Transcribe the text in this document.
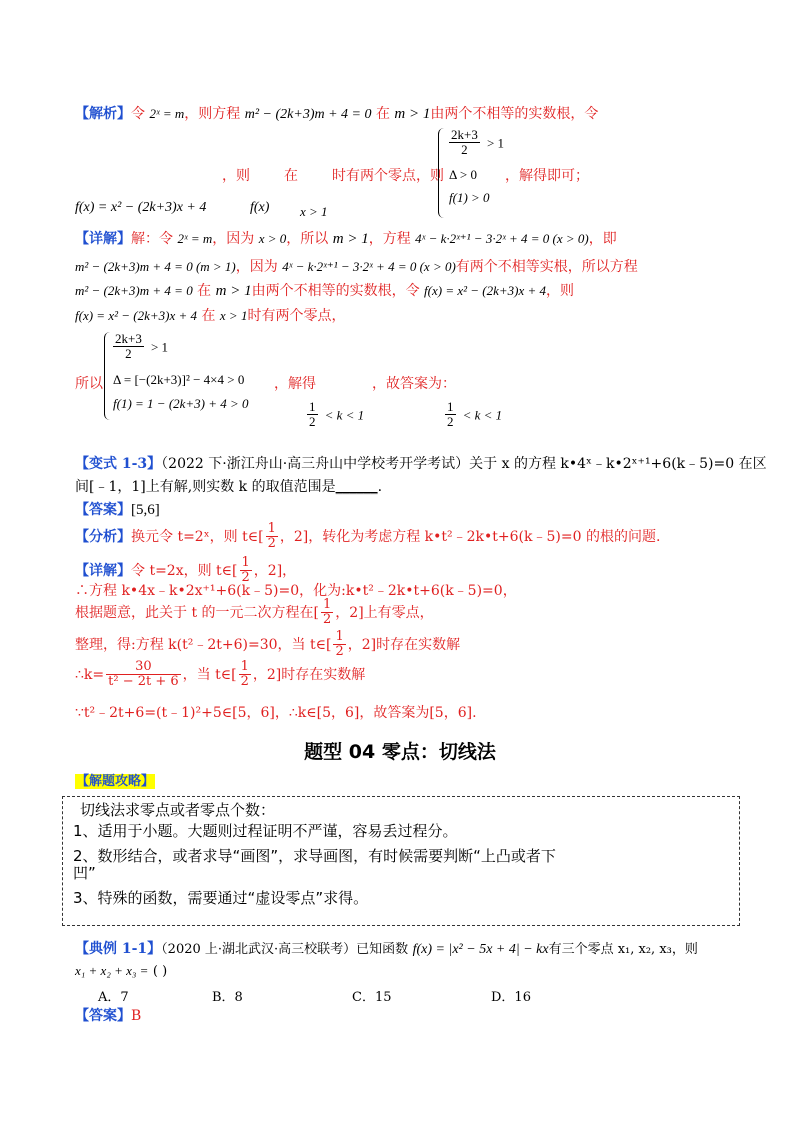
【解析】令 2ˣ = m，则方程 m² − (2k+3)m + 4 = 0 在 m > 1由两个不相等的实数根，令
$\frac{2k+3}{2} > 1$
Δ > 0
f(1) > 0
，则 在 时有两个零点，则	，解得即可；
f(x) = x² − (2k+3)x + 4	f(x) x > 1
【详解】解：令 2ˣ = m，因为 x > 0，所以 m > 1，方程 4ˣ − k·2ˣ⁺¹ − 3·2ˣ + 4 = 0 (x > 0)，即
m² − (2k+3)m + 4 = 0 (m > 1)，因为 4ˣ − k·2ˣ⁺¹ − 3·2ˣ + 4 = 0 (x > 0)有两个不相等实根，所以方程
m² − (2k+3)m + 4 = 0 在 m > 1由两个不相等的实数根，令 f(x) = x² − (2k+3)x + 4，则
f(x) = x² − (2k+3)x + 4 在 x > 1时有两个零点，
$\frac{2k+3}{2} > 1$
Δ = [−(2k+3)]² − 4×4 > 0
f(1) = 1 − (2k+3) + 4 > 0
所以	，解得	，故答案为：
$\frac{1}{2} < k < 1$	$\frac{1}{2} < k < 1$
【变式 1-3】（2022 下·浙江舟山·高三舟山中学校考开学考试）关于 x 的方程 k•4ˣ﹣k•2ˣ⁺¹+6(k﹣5)=0 在区
间[﹣1，1]上有解,则实数 k 的取值范围是______.
【答案】[5,6]
【分析】换元令 t=2ˣ，则 t∈[ $\frac{1}{2}$ ，2]，转化为考虑方程 k•t²﹣2k•t+6(k﹣5)=0 的根的问题.
【详解】令 t=2x，则 t∈[ $\frac{1}{2}$ ，2]，
∴方程 k•4x﹣k•2x⁺¹+6(k﹣5)=0，化为:k•t²﹣2k•t+6(k﹣5)=0，
根据题意，此关于 t 的一元二次方程在[ $\frac{1}{2}$ ，2]上有零点，
整理，得:方程 k(t²﹣2t+6)=30，当 t∈[ $\frac{1}{2}$ ，2]时存在实数解
∴k= $\frac{30}{\text{t² − 2t + 6}}$ ，当 t∈[ $\frac{1}{2}$ ，2]时存在实数解
∵t²﹣2t+6=(t﹣1)²+5∈[5，6]，∴k∈[5，6]，故答案为[5，6].
题型 04 零点：切线法
【解题攻略】
切线法求零点或者零点个数：
1、适用于小题。大题则过程证明不严谨，容易丢过程分。
2、数形结合，或者求导“画图”，求导画图，有时候需要判断“上凸或者下
凹”
3、特殊的函数，需要通过“虚设零点”求得。
【典例 1-1】（2020 上·湖北武汉·高三校联考）已知函数 f(x) = |x² − 5x + 4| − kx有三个零点 x₁, x₂, x₃，则
x₁ + x₂ + x₃ = ( )
A．7	B．8	C．15	D．16
【答案】B
